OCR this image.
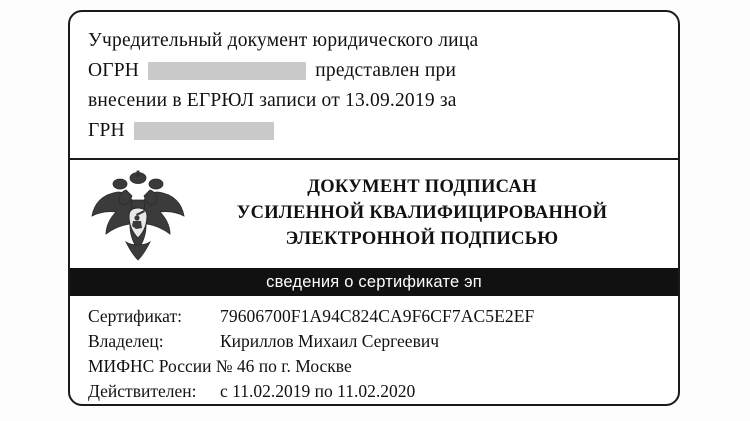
Учредительный документ юридического лица
ОГРН	представлен при
внесении в ЕГРЮЛ записи от 13.09.2019 за
ГРН
ДОКУМЕНТ ПОДПИСАН
УСИЛЕННОЙ КВАЛИФИЦИРОВАННОЙ
ЭЛЕКТРОННОЙ ПОДПИСЬЮ
сведения о сертификате эп
Сертификат:	79606700F1A94C824CA9F6CF7AC5E2EF
Владелец:	Кириллов Михаил Сергеевич
МИФНС России № 46 по г. Москве
Действителен:	с 11.02.2019 по 11.02.2020
